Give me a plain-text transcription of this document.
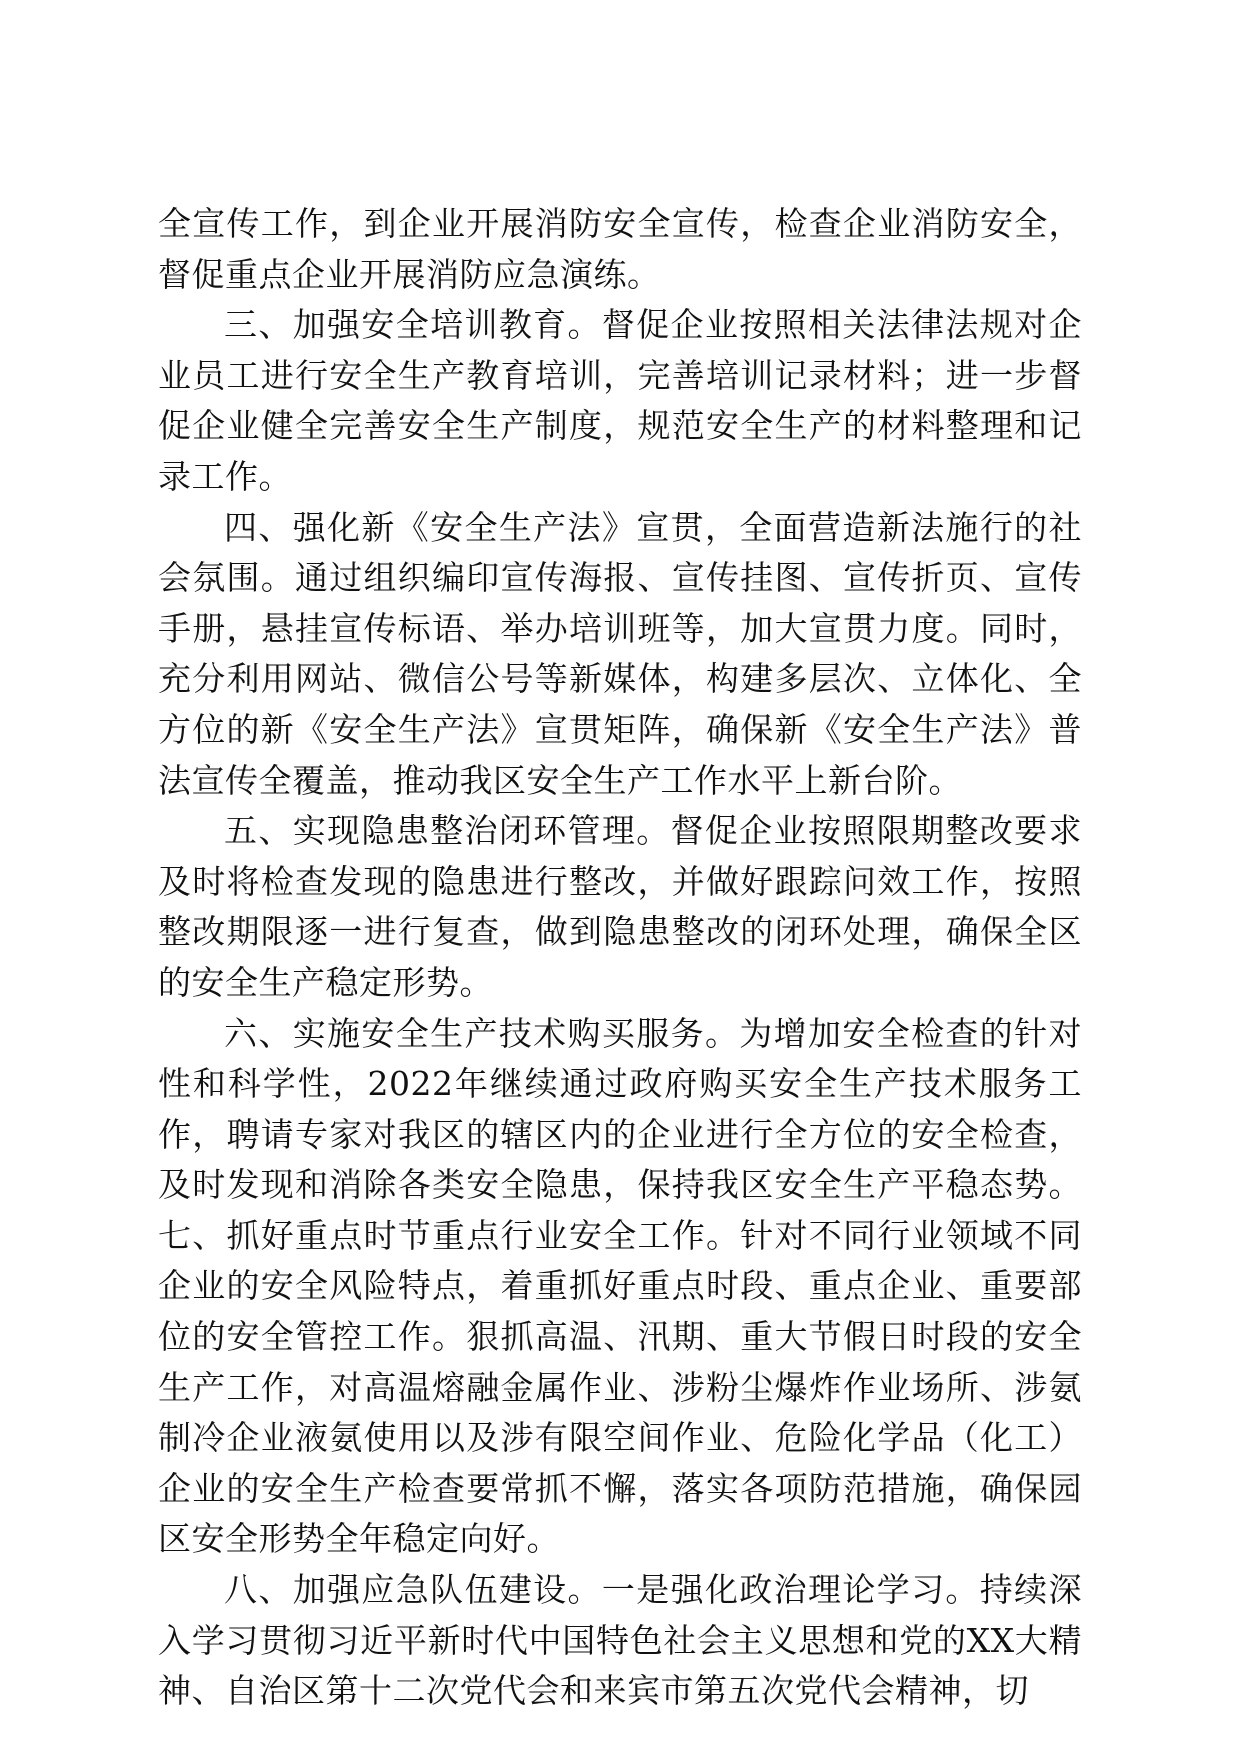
全宣传工作，到企业开展消防安全宣传，检查企业消防安全，督促重点企业开展消防应急演练。

三、加强安全培训教育。督促企业按照相关法律法规对企业员工进行安全生产教育培训，完善培训记录材料；进一步督促企业健全完善安全生产制度，规范安全生产的材料整理和记录工作。

四、强化新《安全生产法》宣贯，全面营造新法施行的社会氛围。通过组织编印宣传海报、宣传挂图、宣传折页、宣传手册，悬挂宣传标语、举办培训班等，加大宣贯力度。同时，充分利用网站、微信公号等新媒体，构建多层次、立体化、全方位的新《安全生产法》宣贯矩阵，确保新《安全生产法》普法宣传全覆盖，推动我区安全生产工作水平上新台阶。

五、实现隐患整治闭环管理。督促企业按照限期整改要求及时将检查发现的隐患进行整改，并做好跟踪问效工作，按照整改期限逐一进行复查，做到隐患整改的闭环处理，确保全区的安全生产稳定形势。

六、实施安全生产技术购买服务。为增加安全检查的针对性和科学性，2022年继续通过政府购买安全生产技术服务工作，聘请专家对我区的辖区内的企业进行全方位的安全检查，及时发现和消除各类安全隐患，保持我区安全生产平稳态势。七、抓好重点时节重点行业安全工作。针对不同行业领域不同企业的安全风险特点，着重抓好重点时段、重点企业、重要部位的安全管控工作。狠抓高温、汛期、重大节假日时段的安全生产工作，对高温熔融金属作业、涉粉尘爆炸作业场所、涉氨制冷企业液氨使用以及涉有限空间作业、危险化学品（化工）企业的安全生产检查要常抓不懈，落实各项防范措施，确保园区安全形势全年稳定向好。

八、加强应急队伍建设。一是强化政治理论学习。持续深入学习贯彻习近平新时代中国特色社会主义思想和党的XX大精神、自治区第十二次党代会和来宾市第五次党代会精神，切
